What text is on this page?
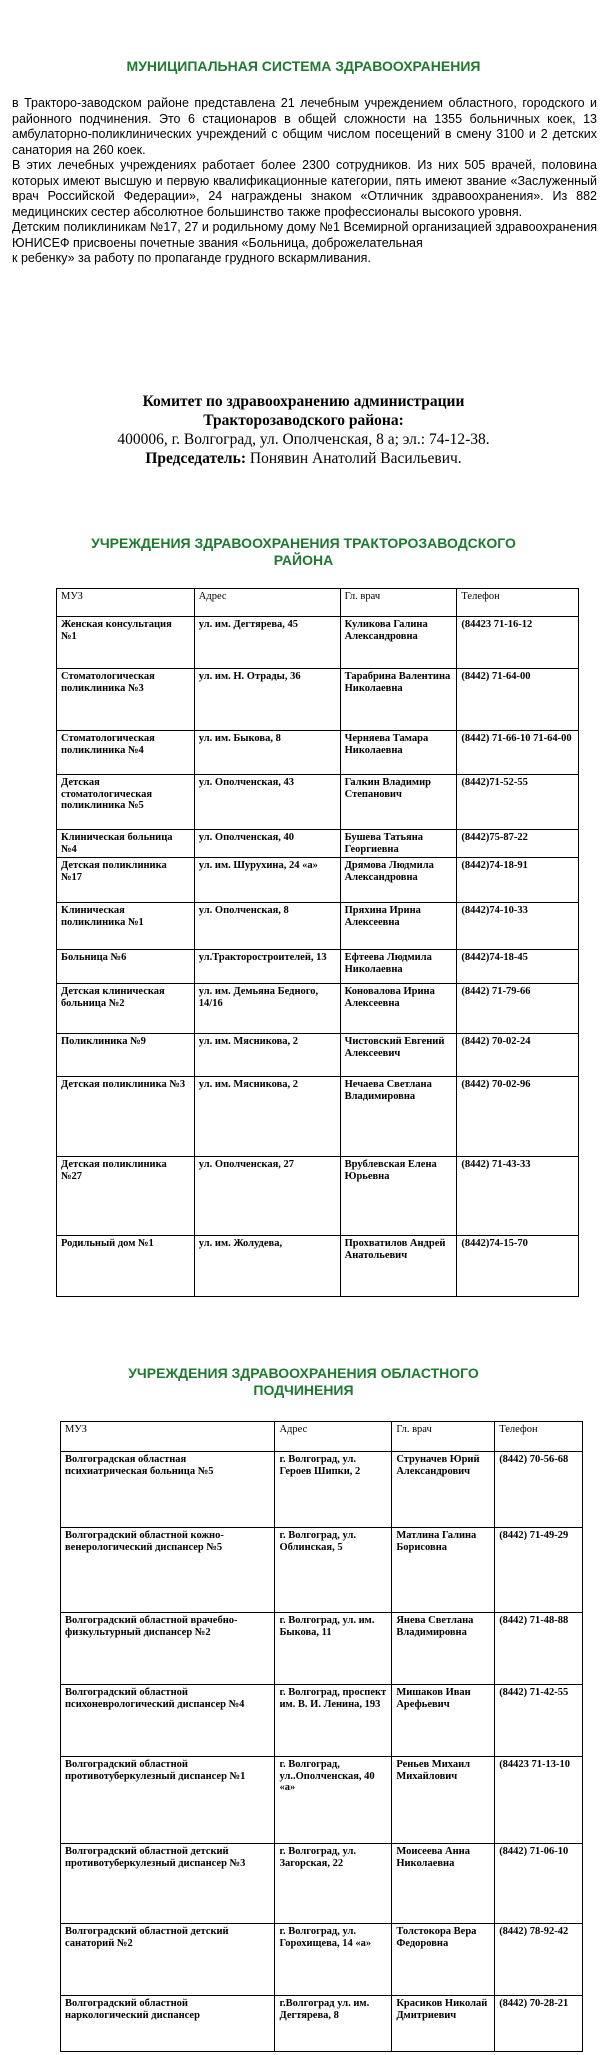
МУНИЦИПАЛЬНАЯ СИСТЕМА ЗДРАВООХРАНЕНИЯ

в Тракторо-заводском районе представлена 21 лечебным учреждением областного, городского и районного подчинения. Это 6 стационаров в общей сложности на 1355 больничных коек, 13 амбулаторно-поликлинических учреждений с общим числом посещений в смену 3100 и 2 детских санатория на 260 коек.

В этих лечебных учреждениях работает более 2300 сотрудников. Из них 505 врачей, половина которых имеют высшую и первую квалификационные категории, пять имеют звание «Заслуженный врач Российской Федерации», 24 награждены знаком «Отличник здравоохранения». Из 882 медицинских сестер абсолютное большинство также профессионалы высокого уровня.

Детским поликлиникам №17, 27 и родильному дому №1 Всемирной организацией здравоохранения ЮНИСЕФ присвоены почетные звания «Больница, доброжелательная

к ребенку» за работу по пропаганде грудного вскармливания.

Комитет по здравоохранению администрации
Тракторозаводского района:
400006, г. Волгоград, ул. Ополченская, 8 а; эл.: 74-12-38.
Председатель: Понявин Анатолий Васильевич.
УЧРЕЖДЕНИЯ ЗДРАВООХРАНЕНИЯ ТРАКТОРОЗАВОДСКОГО
РАЙОНА
МУЗ	Адрес	Гл. врач	Телефон
Женская консультация №1	ул. им. Дегтярева, 45	Куликова Галина Александровна	(84423 71-16-12
Стоматологическая поликлиника №3	ул. им. Н. Отрады, 36	Тарабрина Валентина Николаевна	(8442) 71-64-00
Стоматологическая поликлиника №4	ул. им. Быкова, 8	Черняева Тамара Николаевна	(8442) 71-66-10 71-64-00
Детская стоматологическая поликлиника №5	ул. Ополченская, 43	Галкин Владимир Степанович	(8442)71-52-55
Клиническая больница №4	ул. Ополченская, 40	Бушева Татьяна Георгиевна	(8442)75-87-22
Детская поликлиника №17	ул. им. Шурухина, 24 «а»	Дрямова Людмила Александровна	(8442)74-18-91
Клиническая поликлиника №1	ул. Ополченская, 8	Пряхина Ирина Алексеевна	(8442)74-10-33
Больница №6	ул.Тракторостроителей, 13	Ефтеева Людмила Николаевна	(8442)74-18-45
Детская клиническая больница №2	ул. им. Демьяна Бедного, 14/16	Коновалова Ирина Алексеевна	(8442) 71-79-66
Поликлиника №9	ул. им. Мясникова, 2	Чистовский Евгений Алексеевич	(8442) 70-02-24
Детская поликлиника №3	ул. им. Мясникова, 2	Нечаева Светлана Владимировна	(8442) 70-02-96
Детская поликлиника №27	ул. Ополченская, 27	Врублевская Елена Юрьевна	(8442) 71-43-33
Родильный дом №1	ул. им. Жолудева,	Прохватилов Андрей Анатольевич	(8442)74-15-70
УЧРЕЖДЕНИЯ ЗДРАВООХРАНЕНИЯ ОБЛАСТНОГО
ПОДЧИНЕНИЯ
МУЗ	Адрес	Гл. врач	Телефон
Волгоградская областная психиатрическая больница №5	г. Волгоград, ул. Героев Шипки, 2	Струначев Юрий Александрович	(8442) 70-56-68
Волгоградский областной кожно-венерологический диспансер №5	г. Волгоград, ул. Облинская, 5	Матлина Галина Борисовна	(8442) 71-49-29
Волгоградский областной врачебно-физкультурный диспансер №2	г. Волгоград, ул. им. Быкова, 11	Янева Светлана Владимировна	(8442) 71-48-88
Волгоградский областной психоневрологический диспансер №4	г. Волгоград, проспект им. В. И. Ленина, 193	Мишаков Иван Арефьевич	(8442) 71-42-55
Волгоградский областной противотуберкулезный диспансер №1	г. Волгоград, ул..Ополченская, 40 «а»	Реньев Михаил Михайлович	(84423 71-13-10
Волгоградский областной детский противотуберкулезный диспансер №3	г. Волгоград, ул. Загорская, 22	Моисеева Анна Николаевна	(8442) 71-06-10
Волгоградский областной детский санаторий №2	г. Волгоград, ул. Горохищева, 14 «а»	Толстокора Вера Федоровна	(8442) 78-92-42
Волгоградский областной наркологический диспансер	г.Волгоград ул. им. Дегтярева, 8	Красиков Николай Дмитриевич	(8442) 70-28-21
